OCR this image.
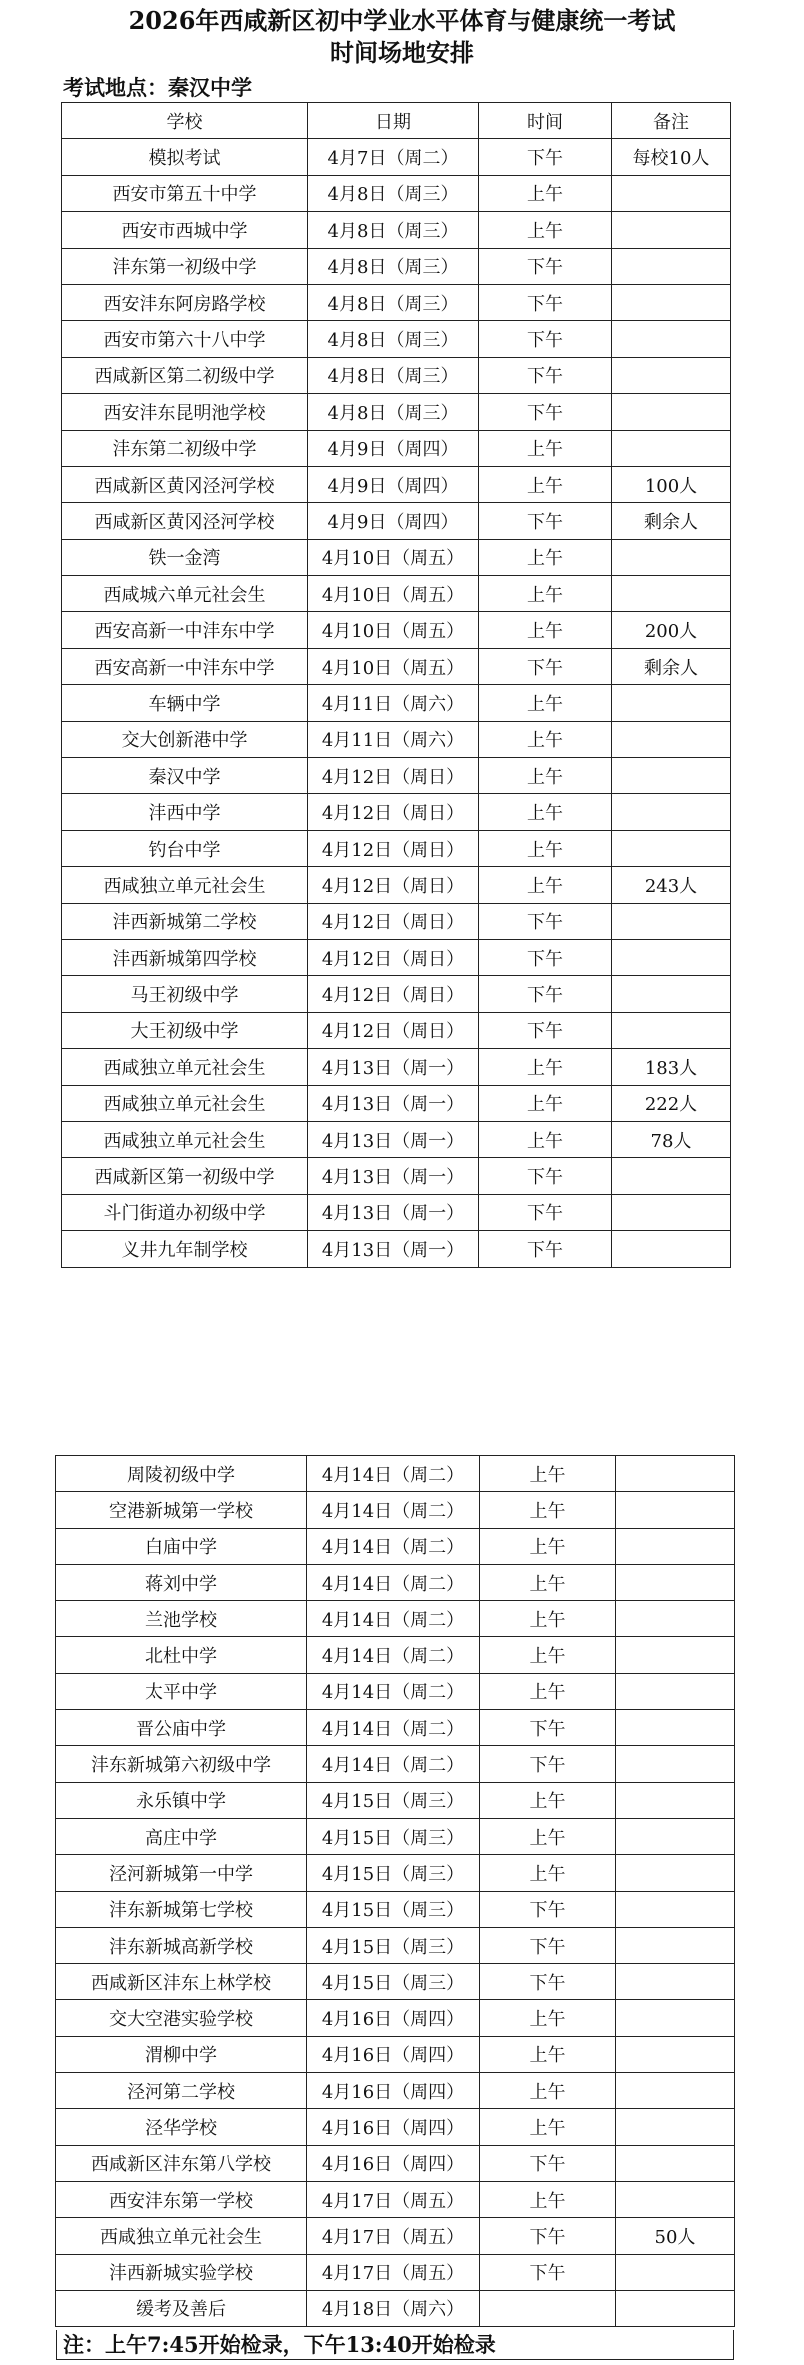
2026年西咸新区初中学业水平体育与健康统一考试
时间场地安排
考试地点：秦汉中学
学校	日期	时间	备注
模拟考试	4月7日（周二）	下午	每校10人
西安市第五十中学	4月8日（周三）	上午	
西安市西城中学	4月8日（周三）	上午	
沣东第一初级中学	4月8日（周三）	下午	
西安沣东阿房路学校	4月8日（周三）	下午	
西安市第六十八中学	4月8日（周三）	下午	
西咸新区第二初级中学	4月8日（周三）	下午	
西安沣东昆明池学校	4月8日（周三）	下午	
沣东第二初级中学	4月9日（周四）	上午	
西咸新区黄冈泾河学校	4月9日（周四）	上午	100人
西咸新区黄冈泾河学校	4月9日（周四）	下午	剩余人
铁一金湾	4月10日（周五）	上午	
西咸城六单元社会生	4月10日（周五）	上午	
西安高新一中沣东中学	4月10日（周五）	上午	200人
西安高新一中沣东中学	4月10日（周五）	下午	剩余人
车辆中学	4月11日（周六）	上午	
交大创新港中学	4月11日（周六）	上午	
秦汉中学	4月12日（周日）	上午	
沣西中学	4月12日（周日）	上午	
钓台中学	4月12日（周日）	上午	
西咸独立单元社会生	4月12日（周日）	上午	243人
沣西新城第二学校	4月12日（周日）	下午	
沣西新城第四学校	4月12日（周日）	下午	
马王初级中学	4月12日（周日）	下午	
大王初级中学	4月12日（周日）	下午	
西咸独立单元社会生	4月13日（周一）	上午	183人
西咸独立单元社会生	4月13日（周一）	上午	222人
西咸独立单元社会生	4月13日（周一）	上午	78人
西咸新区第一初级中学	4月13日（周一）	下午	
斗门街道办初级中学	4月13日（周一）	下午	
义井九年制学校	4月13日（周一）	下午	
周陵初级中学	4月14日（周二）	上午	
空港新城第一学校	4月14日（周二）	上午	
白庙中学	4月14日（周二）	上午	
蒋刘中学	4月14日（周二）	上午	
兰池学校	4月14日（周二）	上午	
北杜中学	4月14日（周二）	上午	
太平中学	4月14日（周二）	上午	
晋公庙中学	4月14日（周二）	下午	
沣东新城第六初级中学	4月14日（周二）	下午	
永乐镇中学	4月15日（周三）	上午	
高庄中学	4月15日（周三）	上午	
泾河新城第一中学	4月15日（周三）	上午	
沣东新城第七学校	4月15日（周三）	下午	
沣东新城高新学校	4月15日（周三）	下午	
西咸新区沣东上林学校	4月15日（周三）	下午	
交大空港实验学校	4月16日（周四）	上午	
渭柳中学	4月16日（周四）	上午	
泾河第二学校	4月16日（周四）	上午	
泾华学校	4月16日（周四）	上午	
西咸新区沣东第八学校	4月16日（周四）	下午	
西安沣东第一学校	4月17日（周五）	上午	
西咸独立单元社会生	4月17日（周五）	下午	50人
沣西新城实验学校	4月17日（周五）	下午	
缓考及善后	4月18日（周六）		
注：上午7:45开始检录，下午13:40开始检录
